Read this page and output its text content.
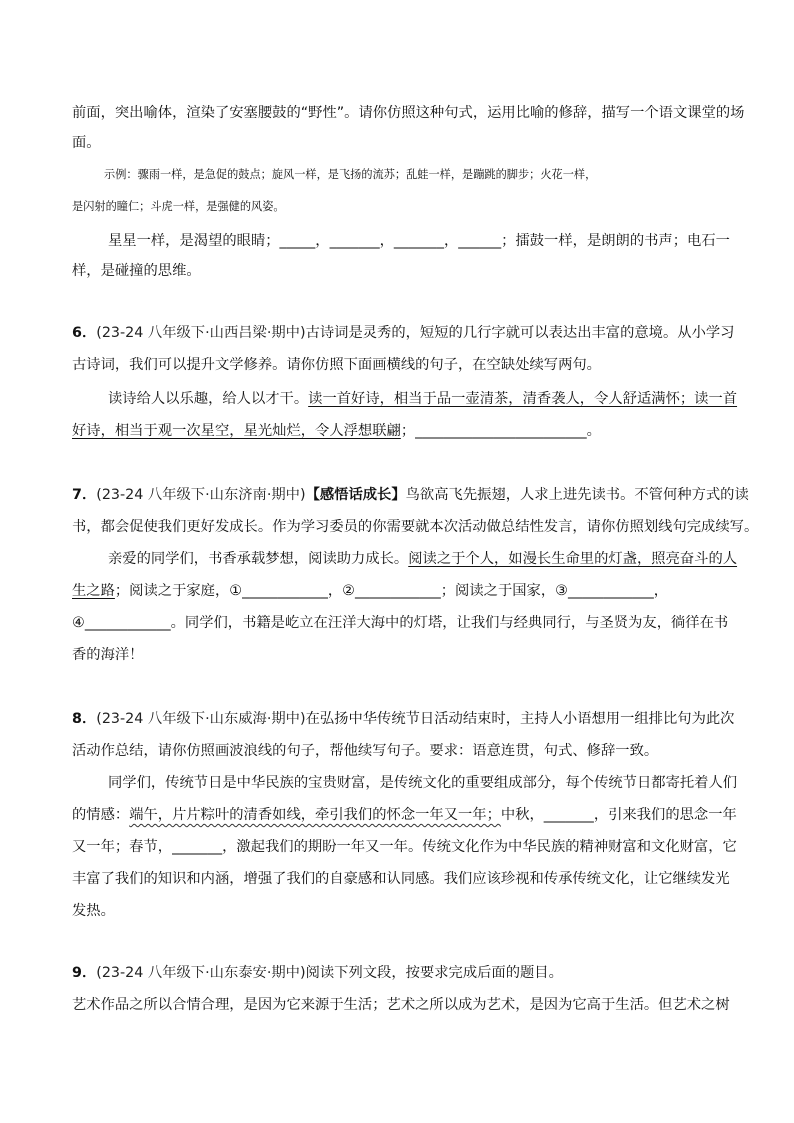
前面，突出喻体，渲染了安塞腰鼓的“野性”。请你仿照这种句式，运用比喻的修辞，描写一个语文课堂的场
面。
示例：骤雨一样，是急促的鼓点；旋风一样，是飞扬的流苏；乱蛙一样，是蹦跳的脚步；火花一样，
是闪射的瞳仁；斗虎一样，是强健的风姿。
星星一样，是渴望的眼睛；_____，_______，_______，______；擂鼓一样，是朗朗的书声；电石一
样，是碰撞的思维。
6．(23-24 八年级下·山西吕梁·期中)古诗词是灵秀的，短短的几行字就可以表达出丰富的意境。从小学习
古诗词，我们可以提升文学修养。请你仿照下面画横线的句子，在空缺处续写两句。
读诗给人以乐趣，给人以才干。读一首好诗，相当于品一壶清茶，清香袭人，令人舒适满怀；读一首
好诗，相当于观一次星空，星光灿烂，令人浮想联翩；________________________。
7．(23-24 八年级下·山东济南·期中)【感悟话成长】鸟欲高飞先振翅，人求上进先读书。不管何种方式的读
书，都会促使我们更好发成长。作为学习委员的你需要就本次活动做总结性发言，请你仿照划线句完成续写。
亲爱的同学们，书香承载梦想，阅读助力成长。阅读之于个人，如漫长生命里的灯盏，照亮奋斗的人
生之路；阅读之于家庭，①____________，②____________；阅读之于国家，③____________，
④____________。同学们，书籍是屹立在汪洋大海中的灯塔，让我们与经典同行，与圣贤为友，徜徉在书
香的海洋！
8．(23-24 八年级下·山东威海·期中)在弘扬中华传统节日活动结束时，主持人小语想用一组排比句为此次
活动作总结，请你仿照画波浪线的句子，帮他续写句子。要求：语意连贯，句式、修辞一致。
同学们，传统节日是中华民族的宝贵财富，是传统文化的重要组成部分，每个传统节日都寄托着人们
的情感：端午，片片粽叶的清香如线，牵引我们的怀念一年又一年；中秋，_______，引来我们的思念一年
又一年；春节，_______，激起我们的期盼一年又一年。传统文化作为中华民族的精神财富和文化财富，它
丰富了我们的知识和内涵，增强了我们的自豪感和认同感。我们应该珍视和传承传统文化，让它继续发光
发热。
9．(23-24 八年级下·山东泰安·期中)阅读下列文段，按要求完成后面的题目。
艺术作品之所以合情合理，是因为它来源于生活；艺术之所以成为艺术，是因为它高于生活。但艺术之树
